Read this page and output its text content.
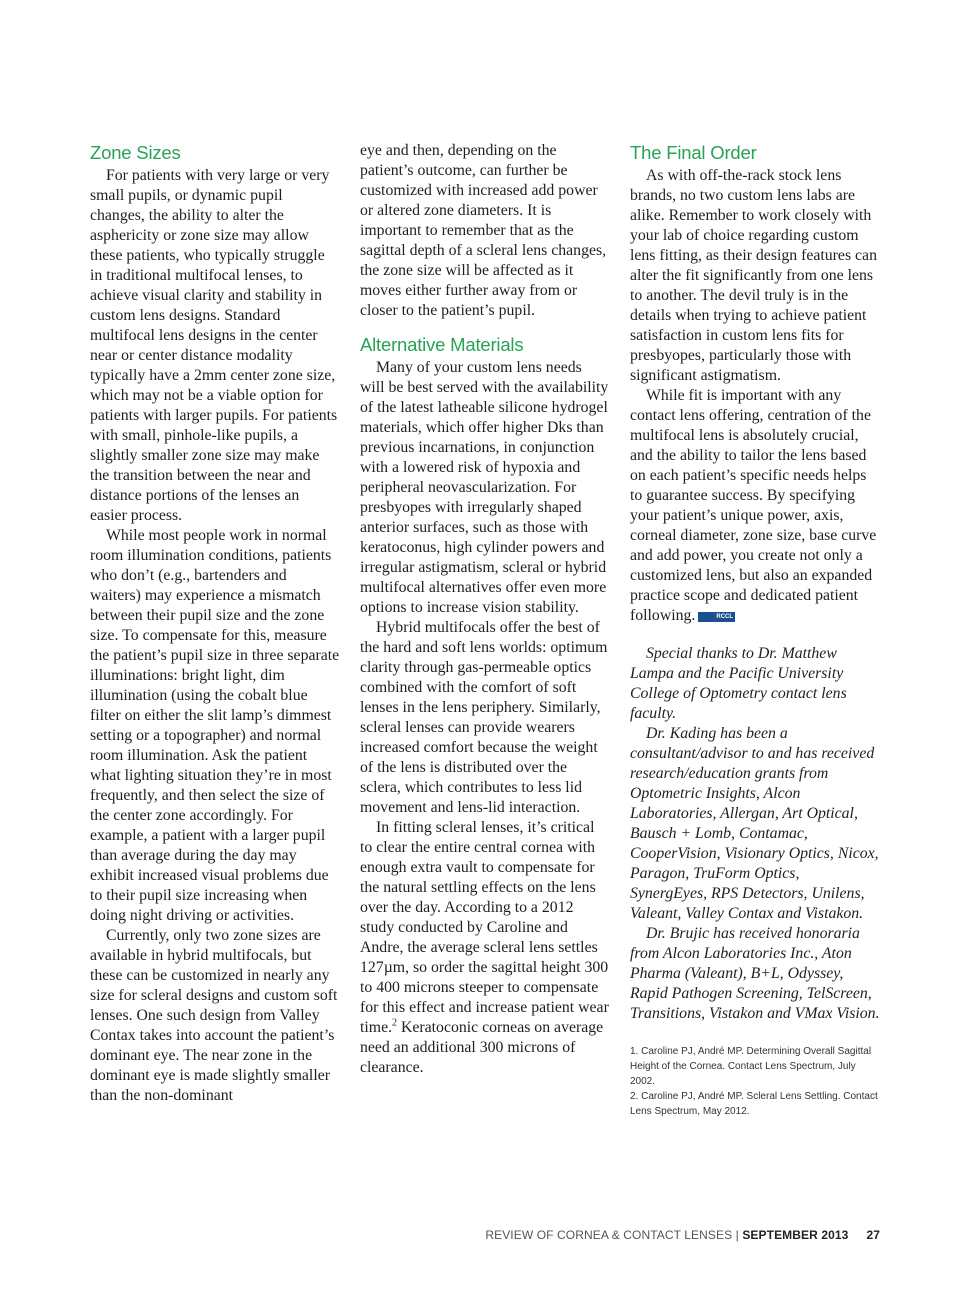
Zone Sizes

For patients with very large or very small pupils, or dynamic pupil changes, the ability to alter the asphericity or zone size may allow these patients, who typically struggle in traditional multifocal lenses, to achieve visual clarity and stability in custom lens designs. Standard multifocal lens designs in the center near or center distance modality typically have a 2mm center zone size, which may not be a viable option for patients with larger pupils. For patients with small, pinhole-like pupils, a slightly smaller zone size may make the transition between the near and distance portions of the lenses an easier process.

While most people work in normal room illumination conditions, patients who don’t (e.g., bartenders and waiters) may experience a mismatch between their pupil size and the zone size. To compensate for this, measure the patient’s pupil size in three separate illuminations: bright light, dim illumination (using the cobalt blue filter on either the slit lamp’s dimmest setting or a topographer) and normal room illumination. Ask the patient what lighting situation they’re in most frequently, and then select the size of the center zone accordingly. For example, a patient with a larger pupil than average during the day may exhibit increased visual problems due to their pupil size increasing when doing night driving or activities.

Currently, only two zone sizes are available in hybrid multifocals, but these can be customized in nearly any size for scleral designs and custom soft lenses. One such design from Valley Contax takes into account the patient’s dominant eye. The near zone in the dominant eye is made slightly smaller than the non-dominant

eye and then, depending on the patient’s outcome, can further be customized with increased add power or altered zone diameters. It is important to remember that as the sagittal depth of a scleral lens changes, the zone size will be affected as it moves either further away from or closer to the patient’s pupil.

Alternative Materials

Many of your custom lens needs will be best served with the availability of the latest latheable silicone hydrogel materials, which offer higher Dks than previous incarnations, in conjunction with a lowered risk of hypoxia and peripheral neovascularization. For presbyopes with irregularly shaped anterior surfaces, such as those with keratoconus, high cylinder powers and irregular astigmatism, scleral or hybrid multifocal alternatives offer even more options to increase vision stability.

Hybrid multifocals offer the best of the hard and soft lens worlds: optimum clarity through gas-permeable optics combined with the comfort of soft lenses in the lens periphery. Similarly, scleral lenses can provide wearers increased comfort because the weight of the lens is distributed over the sclera, which contributes to less lid movement and lens-lid interaction.

In fitting scleral lenses, it’s critical to clear the entire central cornea with enough extra vault to compensate for the natural settling effects on the lens over the day. According to a 2012 study conducted by Caroline and Andre, the average scleral lens settles 127µm, so order the sagittal height 300 to 400 microns steeper to compensate for this effect and increase patient wear time.$^2$ Keratoconic corneas on average need an additional 300 microns of clearance.

The Final Order

As with off-the-rack stock lens brands, no two custom lens labs are alike. Remember to work closely with your lab of choice regarding custom lens fitting, as their design features can alter the fit significantly from one lens to another. The devil truly is in the details when trying to achieve patient satisfaction in custom lens fits for presbyopes, particularly those with significant astigmatism.

While fit is important with any contact lens offering, centration of the multifocal lens is absolutely crucial, and the ability to tailor the lens based on each patient’s specific needs helps to guarantee success. By specifying your patient’s unique power, axis, corneal diameter, zone size, base curve and add power, you create not only a customized lens, but also an expanded practice scope and dedicated patient following.	RCCL

Special thanks to Dr. Matthew Lampa and the Pacific University College of Optometry contact lens faculty.

Dr. Kading has been a consultant/advisor to and has received research/education grants from Optometric Insights, Alcon Laboratories, Allergan, Art Optical, Bausch + Lomb, Contamac, CooperVision, Visionary Optics, Nicox, Paragon, TruForm Optics, SynergEyes, RPS Detectors, Unilens, Valeant, Valley Contax and Vistakon.

Dr. Brujic has received honoraria from Alcon Laboratories Inc., Aton Pharma (Valeant), B+L, Odyssey, Rapid Pathogen Screening, TelScreen, Transitions, Vistakon and VMax Vision.

1. Caroline PJ, André MP. Determining Overall Sagittal Height of the Cornea. Contact Lens Spectrum, July 2002.
2. Caroline PJ, André MP. Scleral Lens Settling. Contact Lens Spectrum, May 2012.
REVIEW OF CORNEA & CONTACT LENSES | SEPTEMBER 2013 27
